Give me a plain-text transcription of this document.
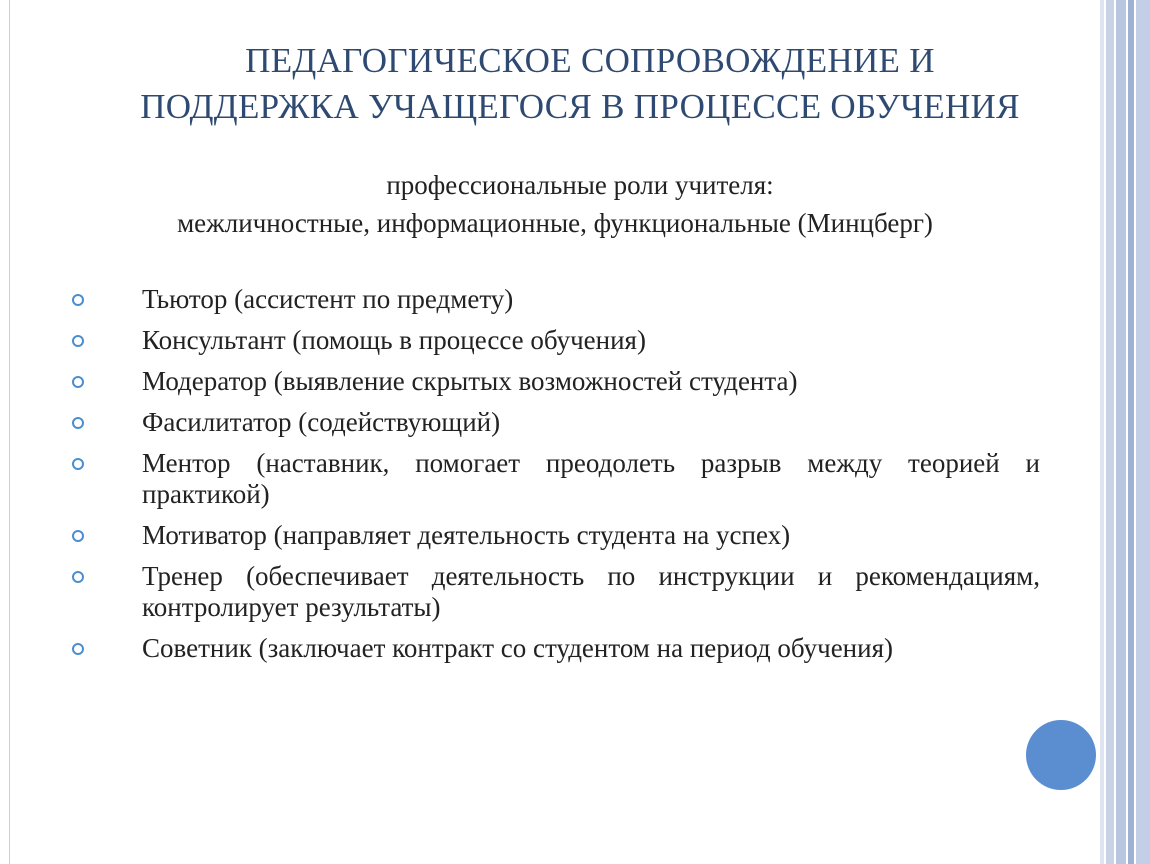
ПЕДАГОГИЧЕСКОЕ СОПРОВОЖДЕНИЕ И
ПОДДЕРЖКА УЧАЩЕГОСЯ В ПРОЦЕССЕ ОБУЧЕНИЯ
профессиональные роли учителя:
межличностные, информационные, функциональные (Минцберг)
Тьютор (ассистент по предмету)
Консультант (помощь в процессе обучения)
Модератор (выявление скрытых возможностей студента)
Фасилитатор (содействующий)
Ментор (наставник, помогает преодолеть разрыв между теорией и практикой)
Мотиватор (направляет деятельность студента на успех)
Тренер (обеспечивает деятельность по инструкции и рекомендациям, контролирует результаты)
Советник (заключает контракт со студентом на период обучения)
